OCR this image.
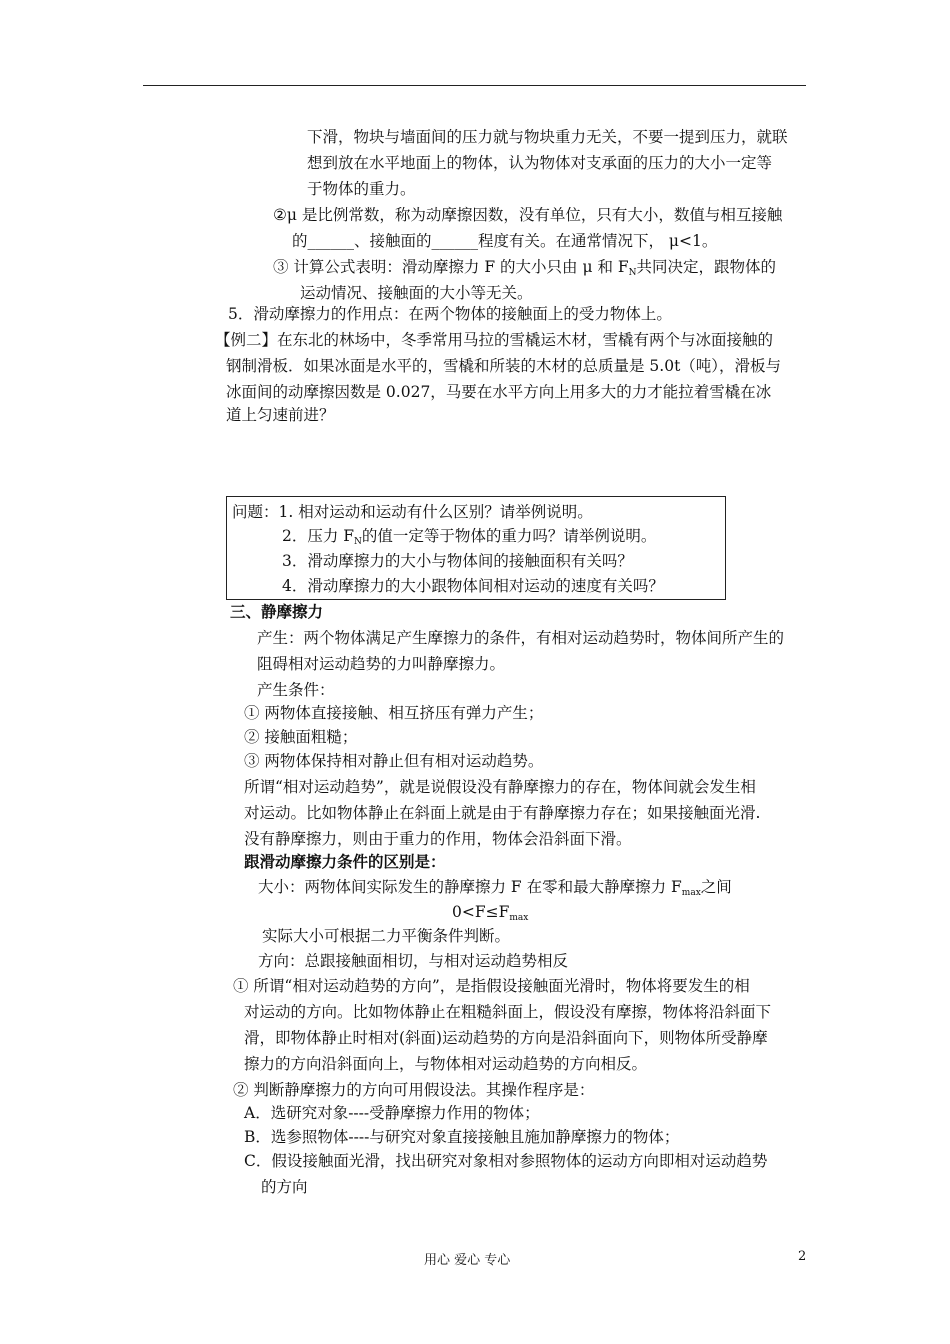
下滑，物块与墙面间的压力就与物块重力无关，不要一提到压力，就联
想到放在水平地面上的物体，认为物体对支承面的压力的大小一定等
于物体的重力。
②μ 是比例常数，称为动摩擦因数，没有单位，只有大小，数值与相互接触
的______、接触面的______程度有关。在通常情况下， μ<1。
③ 计算公式表明：滑动摩擦力 F 的大小只由 μ 和 $F_N$共同决定，跟物体的
运动情况、接触面的大小等无关。
5．滑动摩擦力的作用点：在两个物体的接触面上的受力物体上。
【例二】在东北的林场中，冬季常用马拉的雪橇运木材，雪橇有两个与冰面接触的
钢制滑板．如果冰面是水平的，雪橇和所装的木材的总质量是 5.0t（吨），滑板与
冰面间的动摩擦因数是 0.027，马要在水平方向上用多大的力才能拉着雪橇在冰
道上匀速前进？
问题：1. 相对运动和运动有什么区别？请举例说明。
2．压力 $F_N$的值一定等于物体的重力吗？请举例说明。
3．滑动摩擦力的大小与物体间的接触面积有关吗？
4．滑动摩擦力的大小跟物体间相对运动的速度有关吗？
三、静摩擦力
产生：两个物体满足产生摩擦力的条件，有相对运动趋势时，物体间所产生的
阻碍相对运动趋势的力叫静摩擦力。
产生条件：
① 两物体直接接触、相互挤压有弹力产生；
② 接触面粗糙；
③ 两物体保持相对静止但有相对运动趋势。
所谓“相对运动趋势”，就是说假设没有静摩擦力的存在，物体间就会发生相
对运动。比如物体静止在斜面上就是由于有静摩擦力存在；如果接触面光滑.
没有静摩擦力，则由于重力的作用，物体会沿斜面下滑。
跟滑动摩擦力条件的区别是：
大小：两物体间实际发生的静摩擦力 F 在零和最大静摩擦力 $F_{max}$之间
$0<F\le F_{max}$
实际大小可根据二力平衡条件判断。
方向：总跟接触面相切，与相对运动趋势相反
① 所谓“相对运动趋势的方向”，是指假设接触面光滑时，物体将要发生的相
对运动的方向。比如物体静止在粗糙斜面上，假设没有摩擦，物体将沿斜面下
滑，即物体静止时相对(斜面)运动趋势的方向是沿斜面向下，则物体所受静摩
擦力的方向沿斜面向上，与物体相对运动趋势的方向相反。
② 判断静摩擦力的方向可用假设法。其操作程序是：
A．选研究对象----受静摩擦力作用的物体；
B．选参照物体----与研究对象直接接触且施加静摩擦力的物体；
C．假设接触面光滑，找出研究对象相对参照物体的运动方向即相对运动趋势
的方向
用心 爱心 专心	2
